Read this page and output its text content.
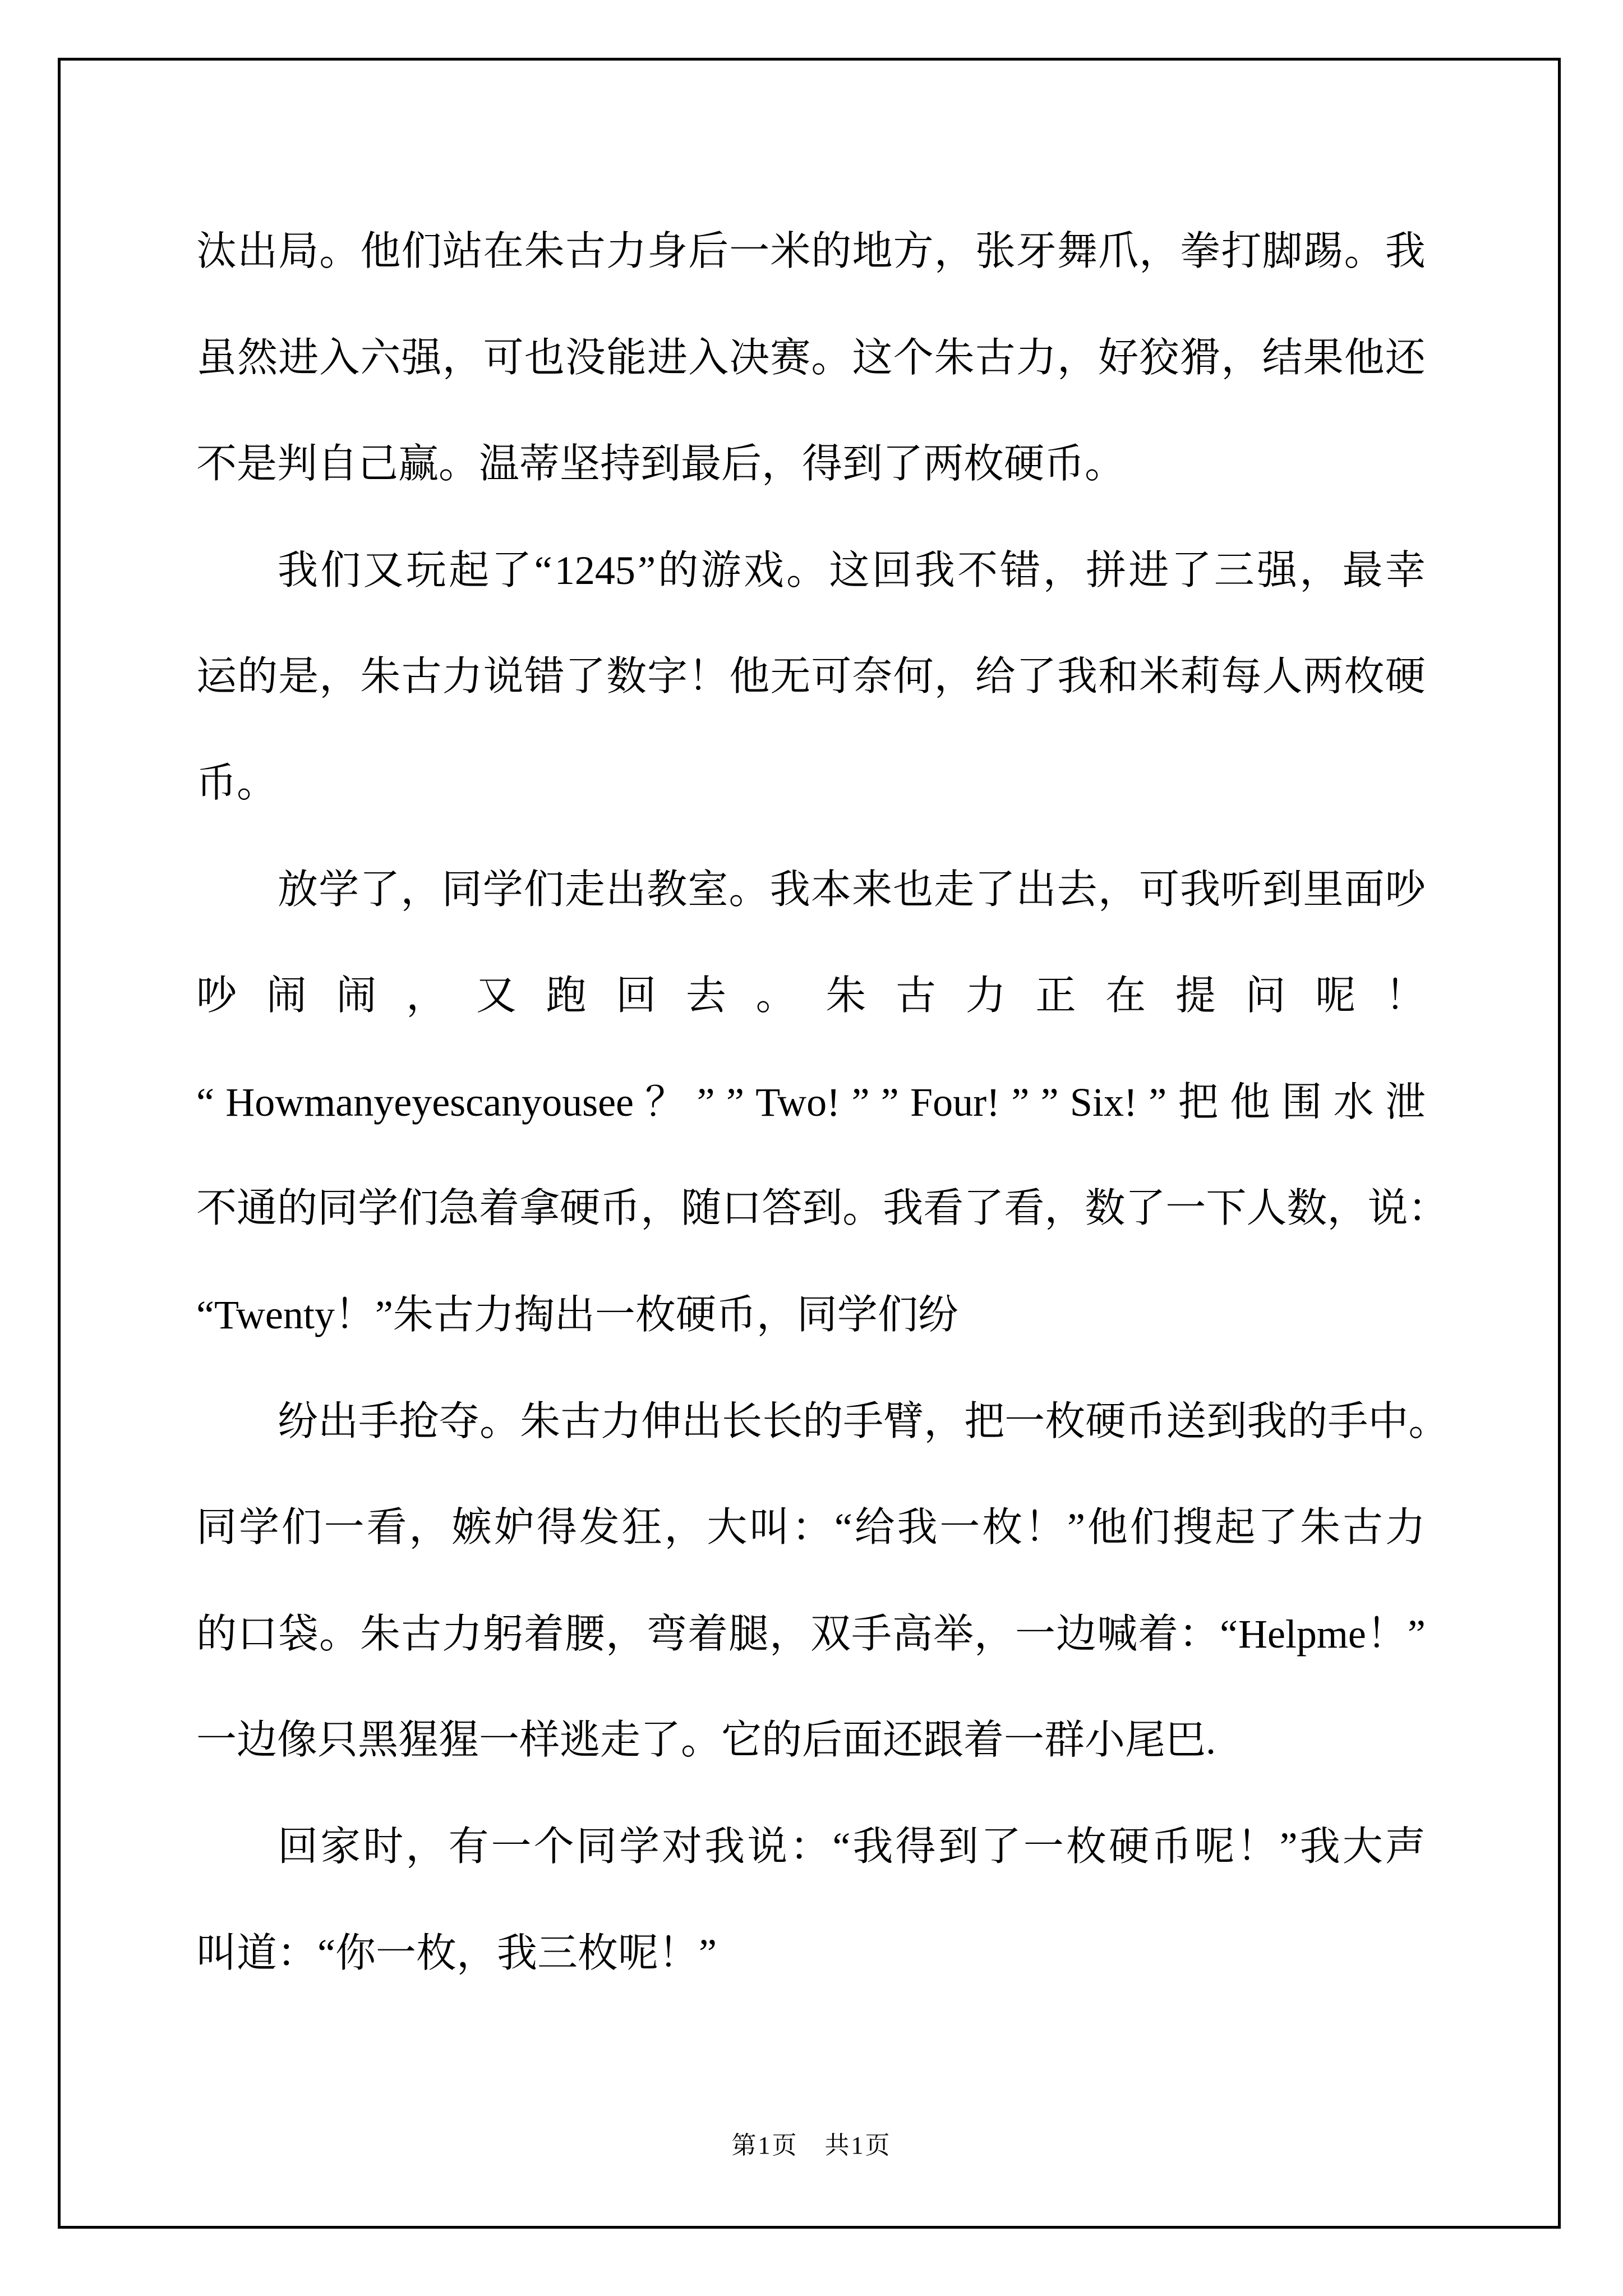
汰 出 局 。 他 们 站 在 朱 古 力 身 后 一 米 的 地 方 ， 张 牙 舞 爪 ， 拳 打 脚 踢 。 我
虽 然 进 入 六 强 ， 可 也 没 能 进 入 决 赛 。 这 个 朱 古 力 ， 好 狡 猾 ， 结 果 他 还
不是判自己赢。温蒂坚持到最后，得到了两枚硬币。
我 们 又 玩 起 了 “ 1245 ” 的 游 戏 。 这 回 我 不 错 ， 拼 进 了 三 强 ， 最 幸
运 的 是 ， 朱 古 力 说 错 了 数 字 ！ 他 无 可 奈 何 ， 给 了 我 和 米 莉 每 人 两 枚 硬
币。
放 学 了 ， 同 学 们 走 出 教 室 。 我 本 来 也 走 了 出 去 ， 可 我 听 到 里 面 吵
吵 闹 闹 ， 又 跑 回 去 。 朱 古 力 正 在 提 问 呢 ！
“ Howmanyeyescanyousee ？ ” ” Two! ” ” Four! ” ” Six! ” 把 他 围 水 泄
不 通 的 同 学 们 急 着 拿 硬 币 ， 随 口 答 到 。 我 看 了 看 ， 数 了 一 下 人 数 ， 说 ：
“Twenty！”朱古力掏出一枚硬币，同学们纷
纷 出 手 抢 夺 。 朱 古 力 伸 出 长 长 的 手 臂 ， 把 一 枚 硬 币 送 到 我 的 手 中 。
同 学 们 一 看 ， 嫉 妒 得 发 狂 ， 大 叫 ： “ 给 我 一 枚 ！ ” 他 们 搜 起 了 朱 古 力
的 口 袋 。 朱 古 力 躬 着 腰 ， 弯 着 腿 ， 双 手 高 举 ， 一 边 喊 着 ： “ Helpme ！ ”
一边像只黑猩猩一样逃走了。它的后面还跟着一群小尾巴.
回 家 时 ， 有 一 个 同 学 对 我 说 ： “ 我 得 到 了 一 枚 硬 币 呢 ！ ” 我 大 声
叫道：“你一枚，我三枚呢！”
第1页　共1页
